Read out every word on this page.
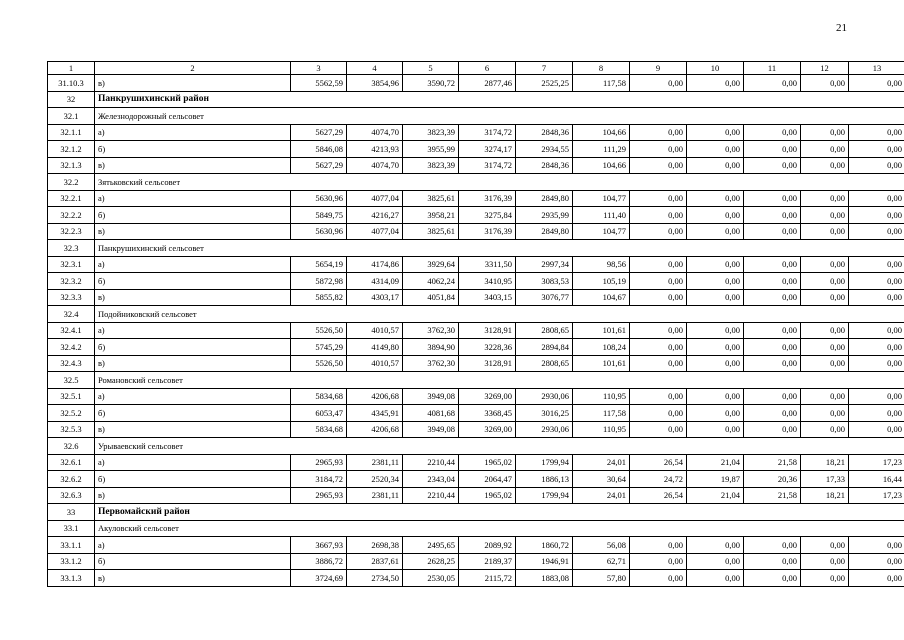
21
1	2	3	4	5	6	7	8	9	10	11	12	13
31.10.3	в)	5562,59	3854,96	3590,72	2877,46	2525,25	117,58	0,00	0,00	0,00	0,00	0,00
32	Панкрушихинский район											
32.1	Железнодорожный сельсовет											
32.1.1	а)	5627,29	4074,70	3823,39	3174,72	2848,36	104,66	0,00	0,00	0,00	0,00	0,00
32.1.2	б)	5846,08	4213,93	3955,99	3274,17	2934,55	111,29	0,00	0,00	0,00	0,00	0,00
32.1.3	в)	5627,29	4074,70	3823,39	3174,72	2848,36	104,66	0,00	0,00	0,00	0,00	0,00
32.2	Зятьковский сельсовет											
32.2.1	а)	5630,96	4077,04	3825,61	3176,39	2849,80	104,77	0,00	0,00	0,00	0,00	0,00
32.2.2	б)	5849,75	4216,27	3958,21	3275,84	2935,99	111,40	0,00	0,00	0,00	0,00	0,00
32.2.3	в)	5630,96	4077,04	3825,61	3176,39	2849,80	104,77	0,00	0,00	0,00	0,00	0,00
32.3	Панкрушихинский сельсовет											
32.3.1	а)	5654,19	4174,86	3929,64	3311,50	2997,34	98,56	0,00	0,00	0,00	0,00	0,00
32.3.2	б)	5872,98	4314,09	4062,24	3410,95	3083,53	105,19	0,00	0,00	0,00	0,00	0,00
32.3.3	в)	5855,82	4303,17	4051,84	3403,15	3076,77	104,67	0,00	0,00	0,00	0,00	0,00
32.4	Подойниковский сельсовет											
32.4.1	а)	5526,50	4010,57	3762,30	3128,91	2808,65	101,61	0,00	0,00	0,00	0,00	0,00
32.4.2	б)	5745,29	4149,80	3894,90	3228,36	2894,84	108,24	0,00	0,00	0,00	0,00	0,00
32.4.3	в)	5526,50	4010,57	3762,30	3128,91	2808,65	101,61	0,00	0,00	0,00	0,00	0,00
32.5	Романовский сельсовет											
32.5.1	а)	5834,68	4206,68	3949,08	3269,00	2930,06	110,95	0,00	0,00	0,00	0,00	0,00
32.5.2	б)	6053,47	4345,91	4081,68	3368,45	3016,25	117,58	0,00	0,00	0,00	0,00	0,00
32.5.3	в)	5834,68	4206,68	3949,08	3269,00	2930,06	110,95	0,00	0,00	0,00	0,00	0,00
32.6	Урываевский сельсовет											
32.6.1	а)	2965,93	2381,11	2210,44	1965,02	1799,94	24,01	26,54	21,04	21,58	18,21	17,23
32.6.2	б)	3184,72	2520,34	2343,04	2064,47	1886,13	30,64	24,72	19,87	20,36	17,33	16,44
32.6.3	в)	2965,93	2381,11	2210,44	1965,02	1799,94	24,01	26,54	21,04	21,58	18,21	17,23
33	Первомайский район											
33.1	Акуловский сельсовет											
33.1.1	а)	3667,93	2698,38	2495,65	2089,92	1860,72	56,08	0,00	0,00	0,00	0,00	0,00
33.1.2	б)	3886,72	2837,61	2628,25	2189,37	1946,91	62,71	0,00	0,00	0,00	0,00	0,00
33.1.3	в)	3724,69	2734,50	2530,05	2115,72	1883,08	57,80	0,00	0,00	0,00	0,00	0,00
